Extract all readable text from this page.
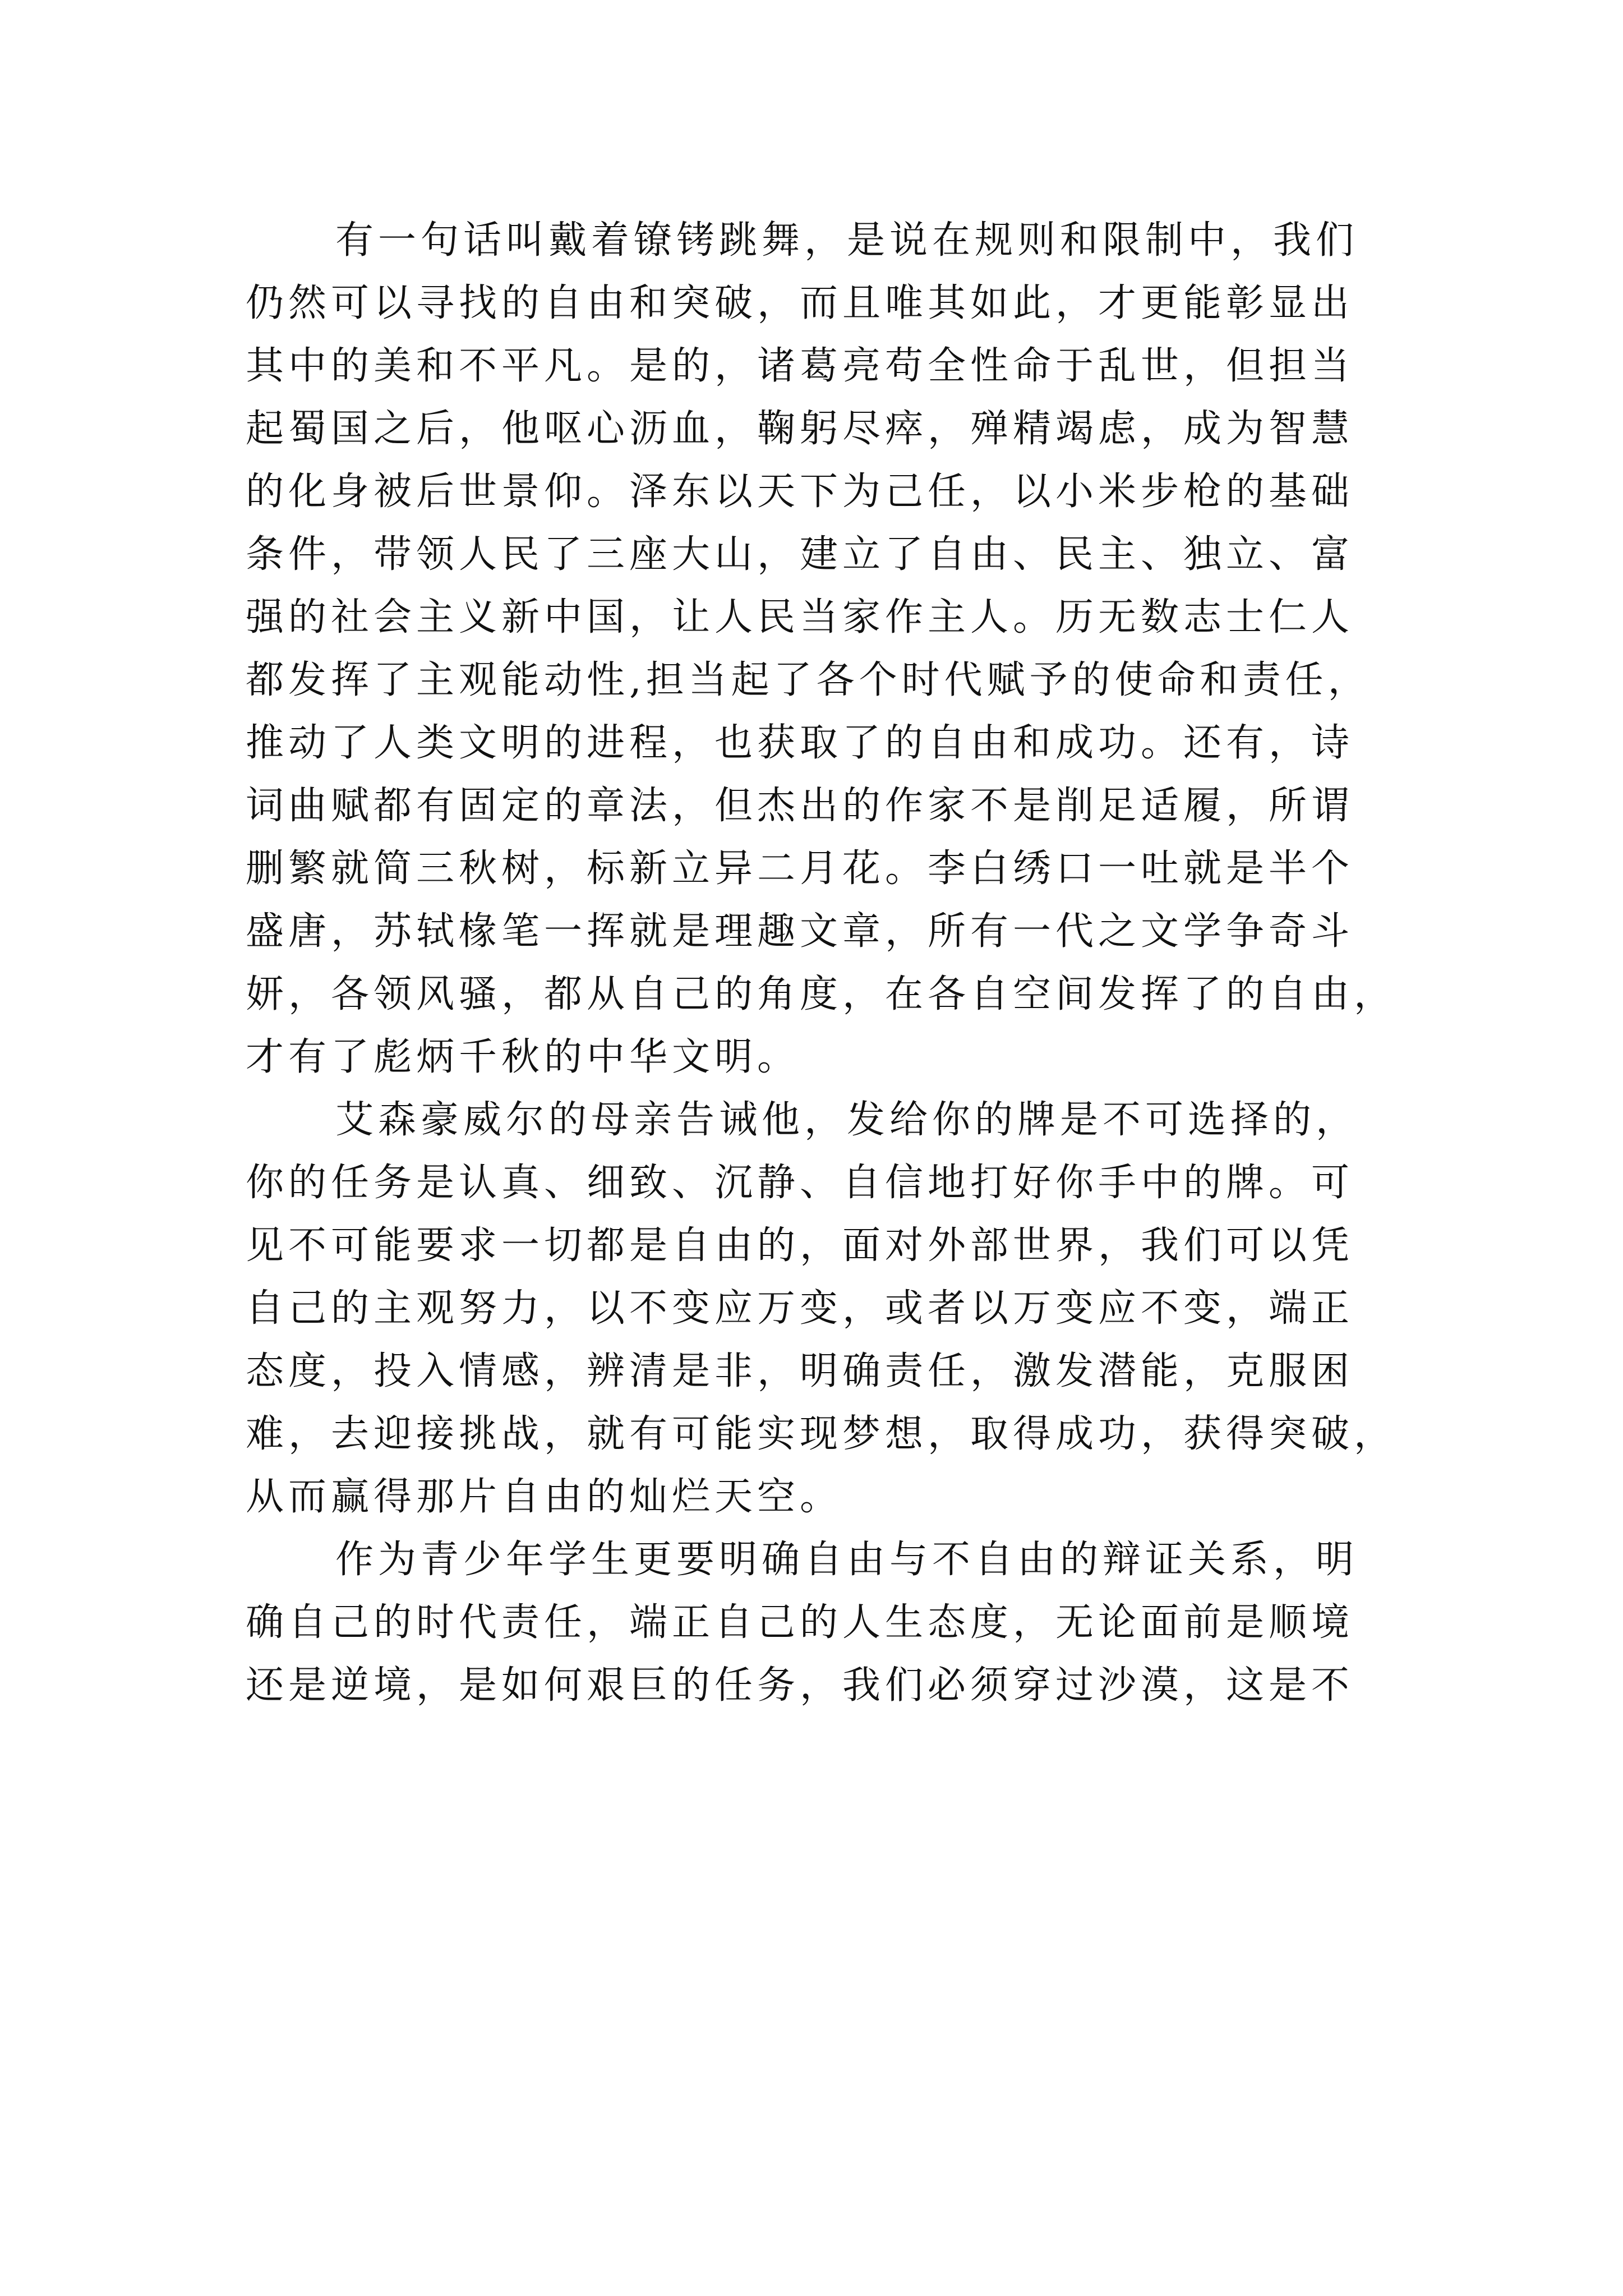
有一句话叫戴着镣铐跳舞，是说在规则和限制中，我们
仍然可以寻找的自由和突破，而且唯其如此，才更能彰显出
其中的美和不平凡。是的，诸葛亮苟全性命于乱世，但担当
起蜀国之后，他呕心沥血，鞠躬尽瘁，殚精竭虑，成为智慧
的化身被后世景仰。泽东以天下为己任，以小米步枪的基础
条件，带领人民了三座大山，建立了自由、民主、独立、富
强的社会主义新中国，让人民当家作主人。历无数志士仁人
都发挥了主观能动性,担当起了各个时代赋予的使命和责任，
推动了人类文明的进程，也获取了的自由和成功。还有，诗
词曲赋都有固定的章法，但杰出的作家不是削足适履，所谓
删繁就简三秋树，标新立异二月花。李白绣口一吐就是半个
盛唐，苏轼椽笔一挥就是理趣文章，所有一代之文学争奇斗
妍，各领风骚，都从自己的角度，在各自空间发挥了的自由，
才有了彪炳千秋的中华文明。
艾森豪威尔的母亲告诫他，发给你的牌是不可选择的，
你的任务是认真、细致、沉静、自信地打好你手中的牌。可
见不可能要求一切都是自由的，面对外部世界，我们可以凭
自己的主观努力，以不变应万变，或者以万变应不变，端正
态度，投入情感，辨清是非，明确责任，激发潜能，克服困
难，去迎接挑战，就有可能实现梦想，取得成功，获得突破，
从而赢得那片自由的灿烂天空。
作为青少年学生更要明确自由与不自由的辩证关系，明
确自己的时代责任，端正自己的人生态度，无论面前是顺境
还是逆境，是如何艰巨的任务，我们必须穿过沙漠，这是不
